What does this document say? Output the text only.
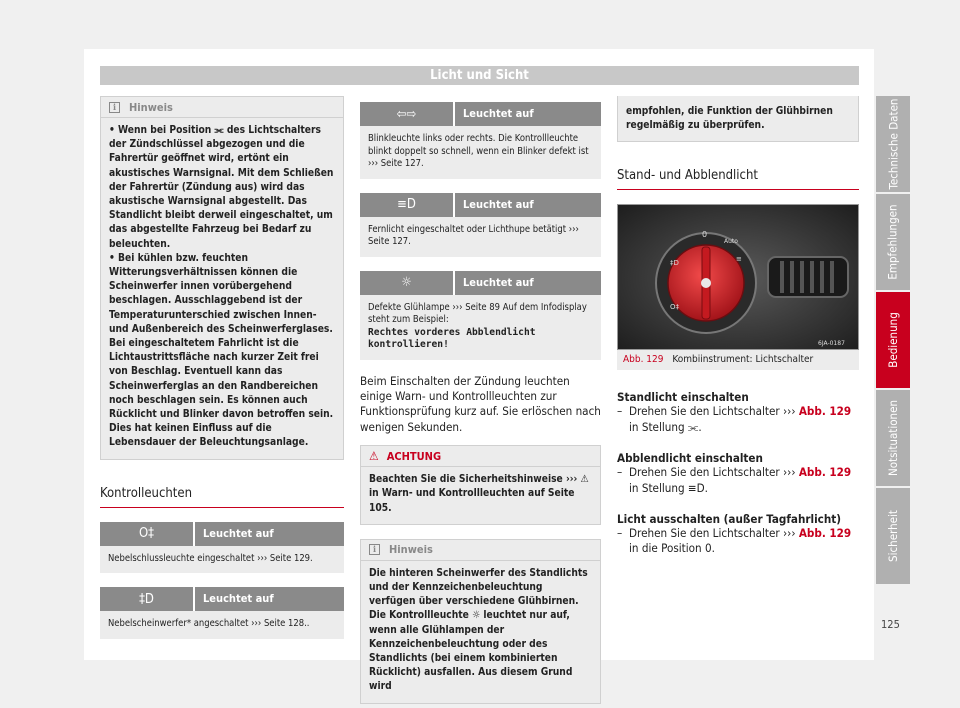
Licht und Sicht
i	Hinweis

• Wenn bei Position ⫘ des Lichtschalters der Zündschlüssel abgezogen und die Fahrertür geöffnet wird, ertönt ein akustisches Warnsignal. Mit dem Schließen der Fahrertür (Zündung aus) wird das akustische Warnsignal abgestellt. Das Standlicht bleibt derweil eingeschaltet, um das abgestellte Fahrzeug bei Bedarf zu beleuchten.

• Bei kühlen bzw. feuchten Witterungsverhältnissen können die Scheinwerfer innen vorübergehend beschlagen. Ausschlaggebend ist der Temperaturunterschied zwischen Innen- und Außenbereich des Scheinwerferglases. Bei eingeschaltetem Fahrlicht ist die Lichtaustrittsfläche nach kurzer Zeit frei von Beschlag. Eventuell kann das Scheinwerferglas an den Randbereichen noch beschlagen sein. Es können auch Rücklicht und Blinker davon betroffen sein. Dies hat keinen Einfluss auf die Lebensdauer der Beleuchtungsanlage.

Kontrolleuchten
O‡	Leuchtet auf
Nebelschlussleuchte eingeschaltet ››› Seite 129.
‡D	Leuchtet auf
Nebelscheinwerfer* angeschaltet ››› Seite 128..
⇦⇨	Leuchtet auf
Blinkleuchte links oder rechts. Die Kontrollleuchte blinkt doppelt so schnell, wenn ein Blinker defekt ist ››› Seite 127.
≡D	Leuchtet auf
Fernlicht eingeschaltet oder Lichthupe betätigt ››› Seite 127.
☼	Leuchtet auf
Defekte Glühlampe ››› Seite 89 Auf dem Infodisplay steht zum Beispiel:
Rechtes vorderes Abblendlicht kontrollieren!

Beim Einschalten der Zündung leuchten einige Warn- und Kontrollleuchten zur Funktionsprüfung kurz auf. Sie erlöschen nach wenigen Sekunden.

⚠ ACHTUNG
Beachten Sie die Sicherheitshinweise ››› ⚠ in Warn- und Kontrollleuchten auf Seite 105.
i	Hinweis
Die hinteren Scheinwerfer des Standlichts und der Kennzeichenbeleuchtung verfügen über verschiedene Glühbirnen. Die Kontrollleuchte ☼ leuchtet nur auf, wenn alle Glühlampen der Kennzeichenbeleuchtung oder des Standlichts (bei einem kombinierten Rücklicht) ausfallen. Aus diesem Grund wird
empfohlen, die Funktion der Glühbirnen regelmäßig zu überprüfen.
Stand- und Abblendlicht
0
Auto
≡
‡D
O‡
6JA-0187
Abb. 129 Kombiinstrument: Lichtschalter
Standlicht einschalten
– Drehen Sie den Lichtschalter ››› Abb. 129 in Stellung ⫘.
Abblendlicht einschalten
– Drehen Sie den Lichtschalter ››› Abb. 129 in Stellung ≡D.
Licht ausschalten (außer Tagfahrlicht)
– Drehen Sie den Lichtschalter ››› Abb. 129 in die Position 0.
Technische Daten
Empfehlungen
Bedienung
Notsituationen
Sicherheit
125
